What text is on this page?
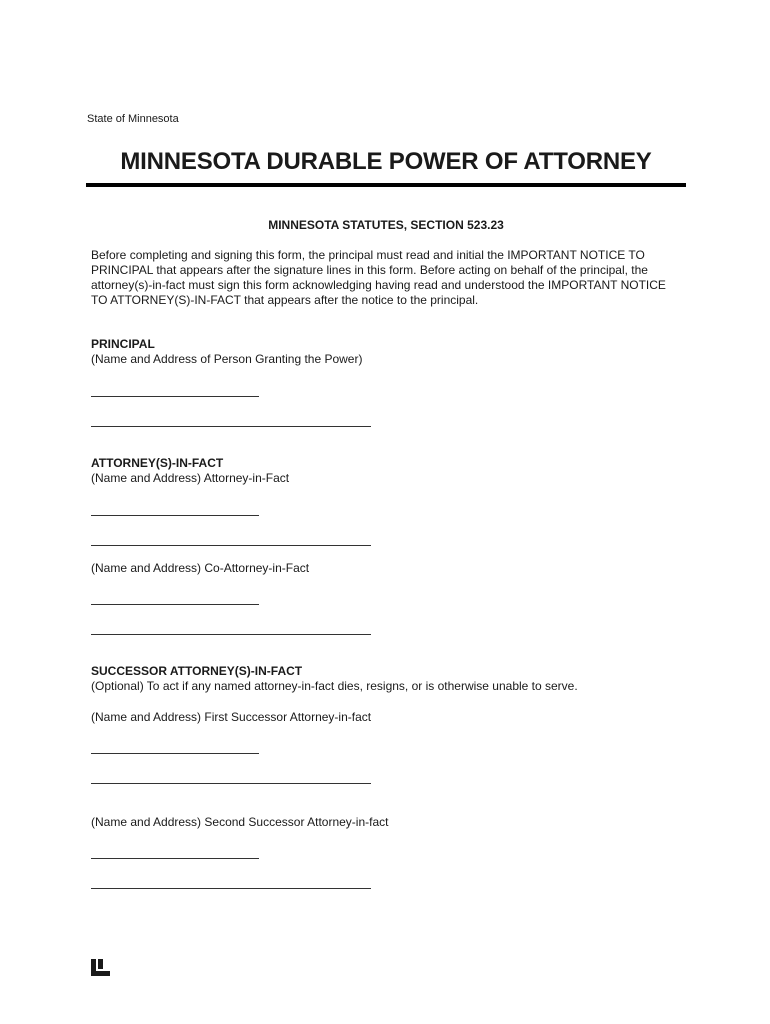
State of Minnesota
MINNESOTA DURABLE POWER OF ATTORNEY
MINNESOTA STATUTES, SECTION 523.23
Before completing and signing this form, the principal must read and initial the IMPORTANT NOTICE TO PRINCIPAL that appears after the signature lines in this form. Before acting on behalf of the principal, the attorney(s)-in-fact must sign this form acknowledging having read and understood the IMPORTANT NOTICE TO ATTORNEY(S)-IN-FACT that appears after the notice to the principal.
PRINCIPAL
(Name and Address of Person Granting the Power)
ATTORNEY(S)-IN-FACT
(Name and Address) Attorney-in-Fact
(Name and Address) Co-Attorney-in-Fact
SUCCESSOR ATTORNEY(S)-IN-FACT
(Optional) To act if any named attorney-in-fact dies, resigns, or is otherwise unable to serve.
(Name and Address) First Successor Attorney-in-fact
(Name and Address) Second Successor Attorney-in-fact
